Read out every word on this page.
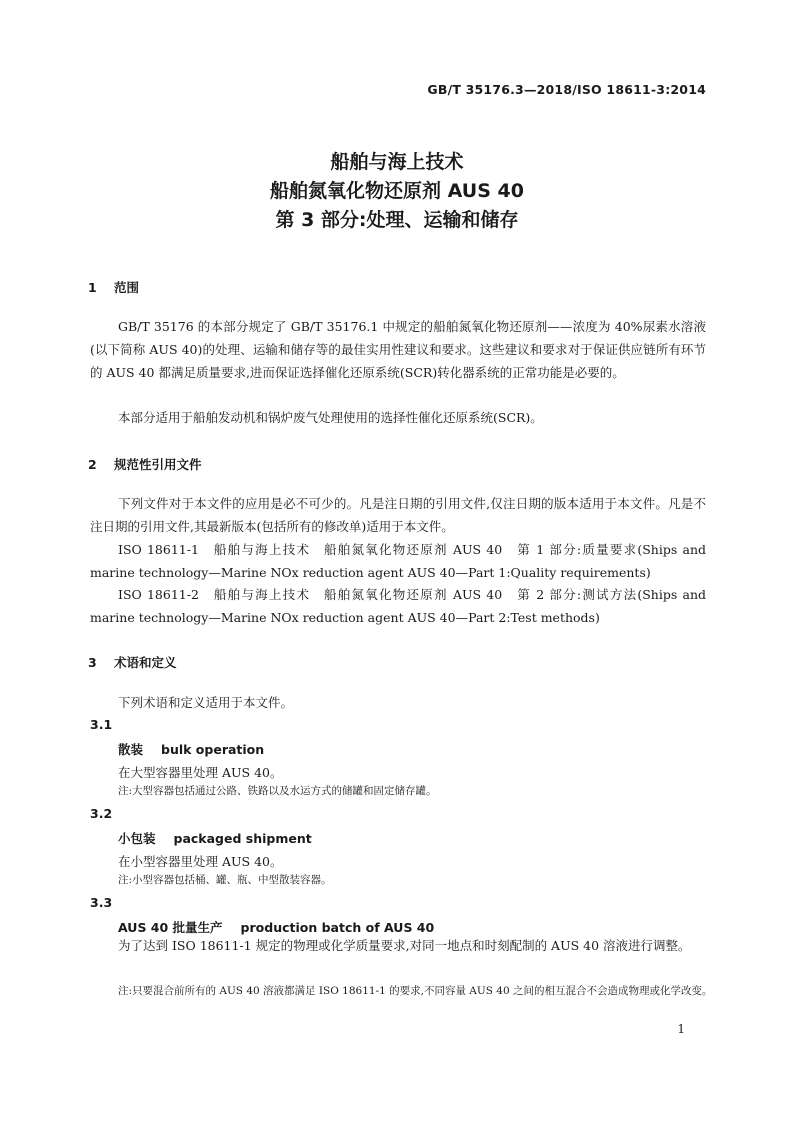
GB/T 35176.3—2018/ISO 18611-3:2014
船舶与海上技术
船舶氮氧化物还原剂 AUS 40
第 3 部分:处理、运输和储存
1 范围
GB/T 35176 的本部分规定了 GB/T 35176.1 中规定的船舶氮氧化物还原剂——浓度为 40%尿素水溶液(以下简称 AUS 40)的处理、运输和储存等的最佳实用性建议和要求。这些建议和要求对于保证供应链所有环节的 AUS 40 都满足质量要求,进而保证选择催化还原系统(SCR)转化器系统的正常功能是必要的。
本部分适用于船舶发动机和锅炉废气处理使用的选择性催化还原系统(SCR)。
2 规范性引用文件
下列文件对于本文件的应用是必不可少的。凡是注日期的引用文件,仅注日期的版本适用于本文件。凡是不注日期的引用文件,其最新版本(包括所有的修改单)适用于本文件。
ISO 18611-1　船舶与海上技术　船舶氮氧化物还原剂 AUS 40　第 1 部分:质量要求(Ships and marine technology—Marine NOx reduction agent AUS 40—Part 1:Quality requirements)
ISO 18611-2　船舶与海上技术　船舶氮氧化物还原剂 AUS 40　第 2 部分:测试方法(Ships and marine technology—Marine NOx reduction agent AUS 40—Part 2:Test methods)
3 术语和定义
下列术语和定义适用于本文件。
3.1
散装 bulk operation
在大型容器里处理 AUS 40。
注:大型容器包括通过公路、铁路以及水运方式的储罐和固定储存罐。
3.2
小包装 packaged shipment
在小型容器里处理 AUS 40。
注:小型容器包括桶、罐、瓶、中型散装容器。
3.3
AUS 40 批量生产 production batch of AUS 40
为了达到 ISO 18611-1 规定的物理或化学质量要求,对同一地点和时刻配制的 AUS 40 溶液进行调整。
注:只要混合前所有的 AUS 40 溶液都满足 ISO 18611-1 的要求,不同容量 AUS 40 之间的相互混合不会造成物理或化学改变。
1
